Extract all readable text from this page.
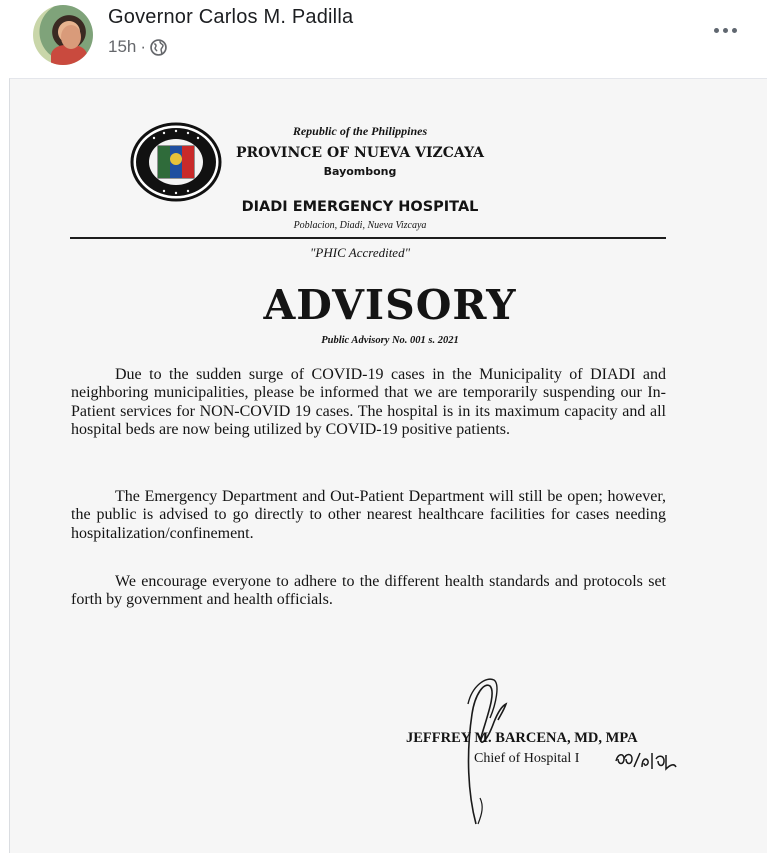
Governor Carlos M. Padilla
15h ·
Republic of the Philippines
PROVINCE OF NUEVA VIZCAYA
Bayombong
DIADI EMERGENCY HOSPITAL
Poblacion, Diadi, Nueva Vizcaya
"PHIC Accredited"
ADVISORY
Public Advisory No. 001 s. 2021
Due to the sudden surge of COVID-19 cases in the Municipality of DIADI and neighboring municipalities, please be informed that we are temporarily suspending our In-Patient services for NON-COVID 19 cases. The hospital is in its maximum capacity and all hospital beds are now being utilized by COVID-19 positive patients.
The Emergency Department and Out-Patient Department will still be open; however, the public is advised to go directly to other nearest healthcare facilities for cases needing hospitalization/confinement.
We encourage everyone to adhere to the different health standards and protocols set forth by government and health officials.
JEFFREY M. BARCENA, MD, MPA
Chief of Hospital I
